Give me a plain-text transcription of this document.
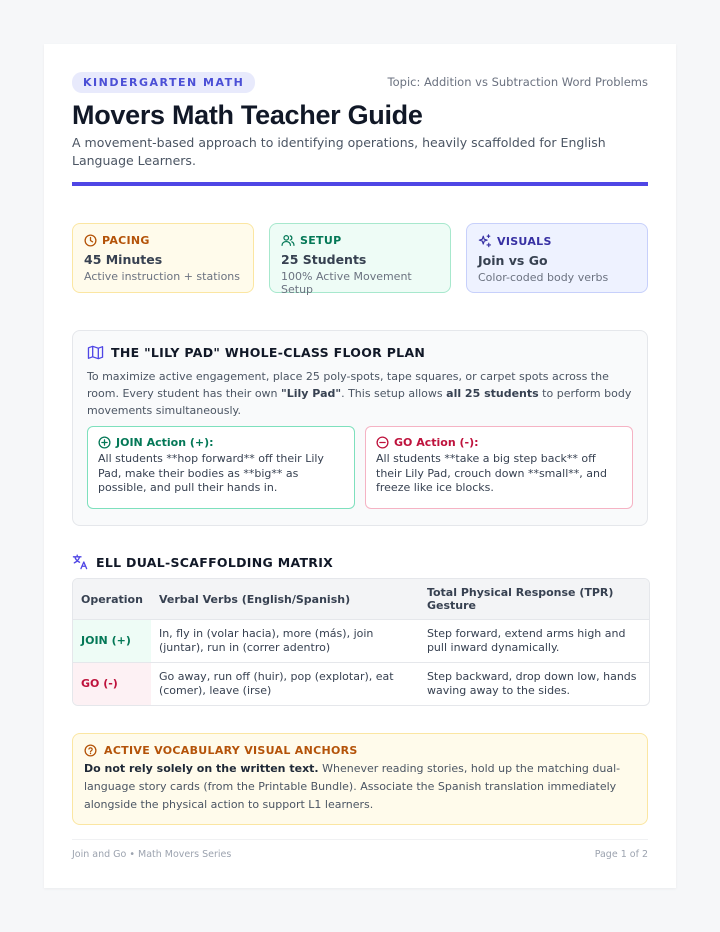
KINDERGARTEN MATH	Topic: Addition vs Subtraction Word Problems
Movers Math Teacher Guide
A movement-based approach to identifying operations, heavily scaffolded for English Language Learners.
PACING
45 Minutes
Active instruction + stations
SETUP
25 Students
100% Active Movement Setup
VISUALS
Join vs Go
Color-coded body verbs
THE "LILY PAD" WHOLE-CLASS FLOOR PLAN
To maximize active engagement, place 25 poly-spots, tape squares, or carpet spots across the room. Every student has their own "Lily Pad". This setup allows all 25 students to perform body movements simultaneously.
JOIN Action (+):
All students **hop forward** off their Lily Pad, make their bodies as **big** as possible, and pull their hands in.
GO Action (-):
All students **take a big step back** off their Lily Pad, crouch down **small**, and freeze like ice blocks.
ELL DUAL-SCAFFOLDING MATRIX
Operation	Verbal Verbs (English/Spanish)	Total Physical Response (TPR) Gesture
JOIN (+)	In, fly in (volar hacia), more (más), join (juntar), run in (correr adentro)	Step forward, extend arms high and pull inward dynamically.
GO (-)	Go away, run off (huir), pop (explotar), eat (comer), leave (irse)	Step backward, drop down low, hands waving away to the sides.
ACTIVE VOCABULARY VISUAL ANCHORS
Do not rely solely on the written text. Whenever reading stories, hold up the matching dual-language story cards (from the Printable Bundle). Associate the Spanish translation immediately alongside the physical action to support L1 learners.
Join and Go • Math Movers Series	Page 1 of 2
